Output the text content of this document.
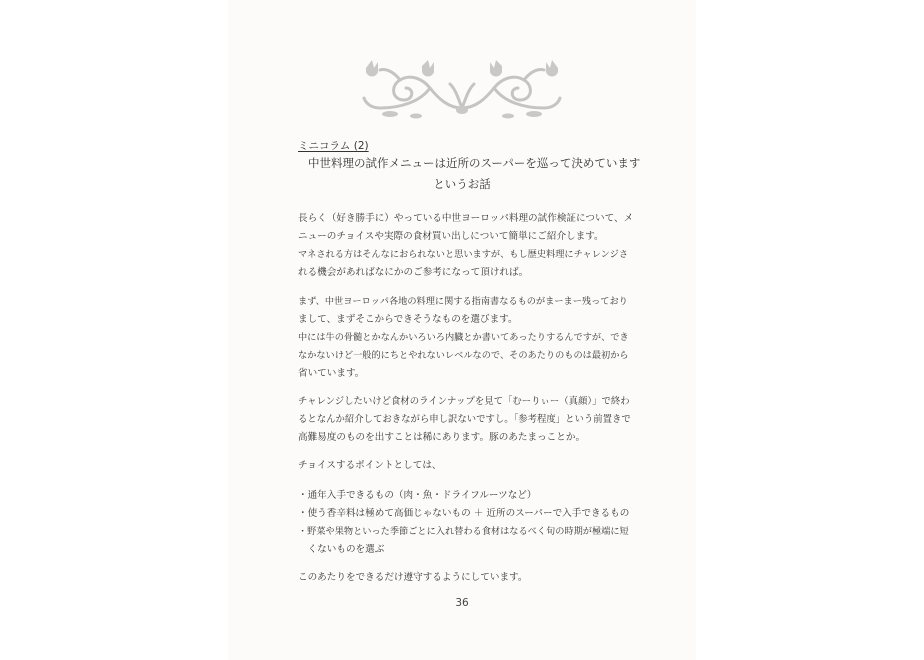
ミニコラム (2)

中世料理の試作メニューは近所のスーパーを巡って決めています

というお話

長らく（好き勝手に）やっている中世ヨーロッパ料理の試作検証について、メ

ニューのチョイスや実際の食材買い出しについて簡単にご紹介します。

マネされる方はそんなにおられないと思いますが、もし歴史料理にチャレンジさ

れる機会があればなにかのご参考になって頂ければ。

まず、中世ヨーロッパ各地の料理に関する指南書なるものがまーまー残っており

まして、まずそこからできそうなものを選びます。

中には牛の骨髄とかなんかいろいろ内臓とか書いてあったりするんですが、でき

なかないけど一般的にちとやれないレベルなので、そのあたりのものは最初から

省いています。

チャレンジしたいけど食材のラインナップを見て「むーりぃー（真顔）」で終わ

るとなんか紹介しておきながら申し訳ないですし。「参考程度」という前置きで

高難易度のものを出すことは稀にあります。豚のあたまっことか。

チョイスするポイントとしては、

・通年入手できるもの（肉・魚・ドライフルーツなど）

・使う香辛料は極めて高価じゃないもの ＋ 近所のスーパーで入手できるもの

・野菜や果物といった季節ごとに入れ替わる食材はなるべく旬の時期が極端に短

　くないものを選ぶ

このあたりをできるだけ遵守するようにしています。

36
